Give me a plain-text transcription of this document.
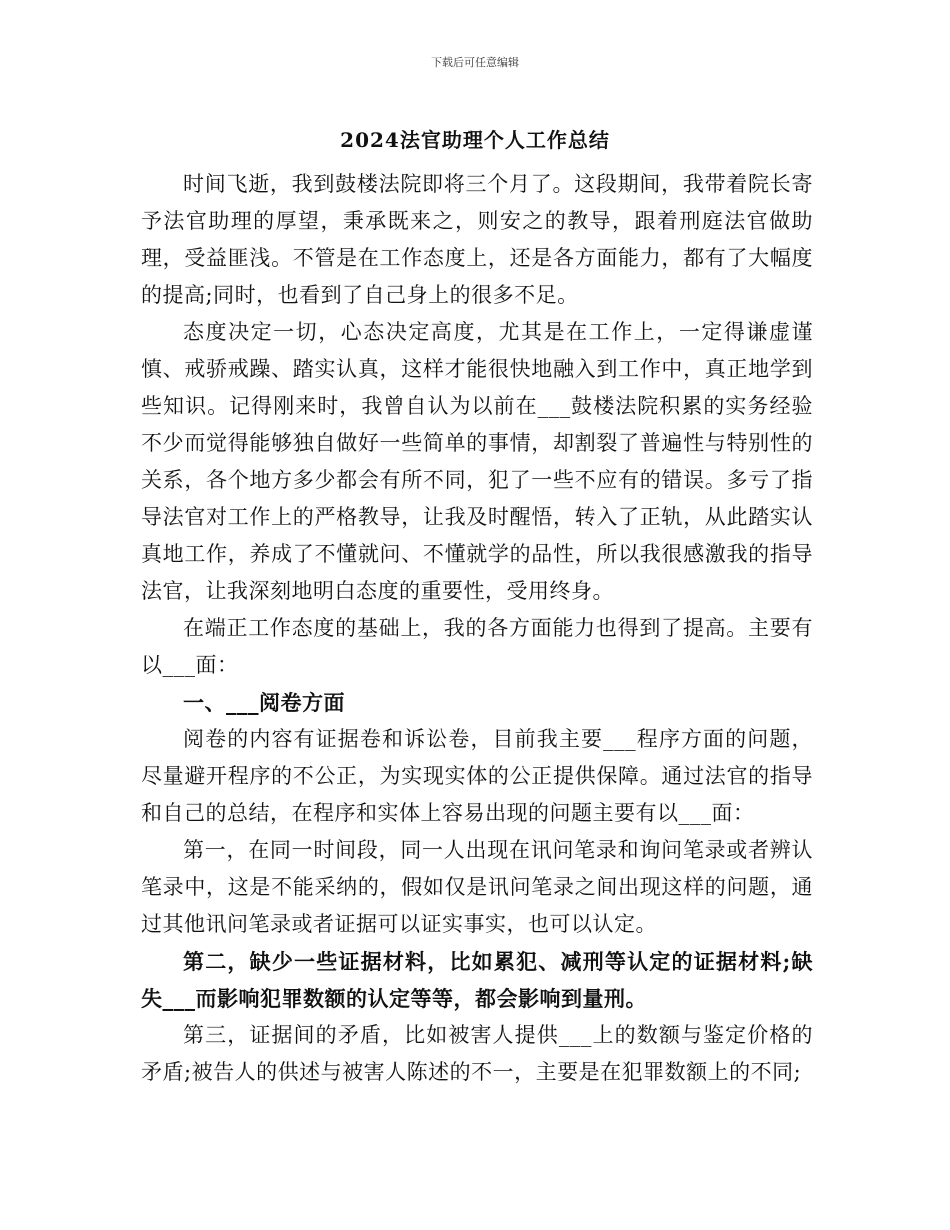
下载后可任意编辑
2024法官助理个人工作总结

时间飞逝，我到鼓楼法院即将三个月了。这段期间，我带着院长寄予法官助理的厚望，秉承既来之，则安之的教导，跟着刑庭法官做助理，受益匪浅。不管是在工作态度上，还是各方面能力，都有了大幅度的提高;同时，也看到了自己身上的很多不足。

态度决定一切，心态决定高度，尤其是在工作上，一定得谦虚谨慎、戒骄戒躁、踏实认真，这样才能很快地融入到工作中，真正地学到些知识。记得刚来时，我曾自认为以前在___鼓楼法院积累的实务经验不少而觉得能够独自做好一些简单的事情，却割裂了普遍性与特别性的关系，各个地方多少都会有所不同，犯了一些不应有的错误。多亏了指导法官对工作上的严格教导，让我及时醒悟，转入了正轨，从此踏实认真地工作，养成了不懂就问、不懂就学的品性，所以我很感激我的指导法官，让我深刻地明白态度的重要性，受用终身。

在端正工作态度的基础上，我的各方面能力也得到了提高。主要有以___面：

一、___阅卷方面

阅卷的内容有证据卷和诉讼卷，目前我主要___程序方面的问题，尽量避开程序的不公正，为实现实体的公正提供保障。通过法官的指导和自己的总结，在程序和实体上容易出现的问题主要有以___面：

第一，在同一时间段，同一人出现在讯问笔录和询问笔录或者辨认笔录中，这是不能采纳的，假如仅是讯问笔录之间出现这样的问题，通过其他讯问笔录或者证据可以证实事实，也可以认定。

第二，缺少一些证据材料，比如累犯、减刑等认定的证据材料;缺失___而影响犯罪数额的认定等等，都会影响到量刑。

第三，证据间的矛盾，比如被害人提供___上的数额与鉴定价格的矛盾;被告人的供述与被害人陈述的不一，主要是在犯罪数额上的不同;
